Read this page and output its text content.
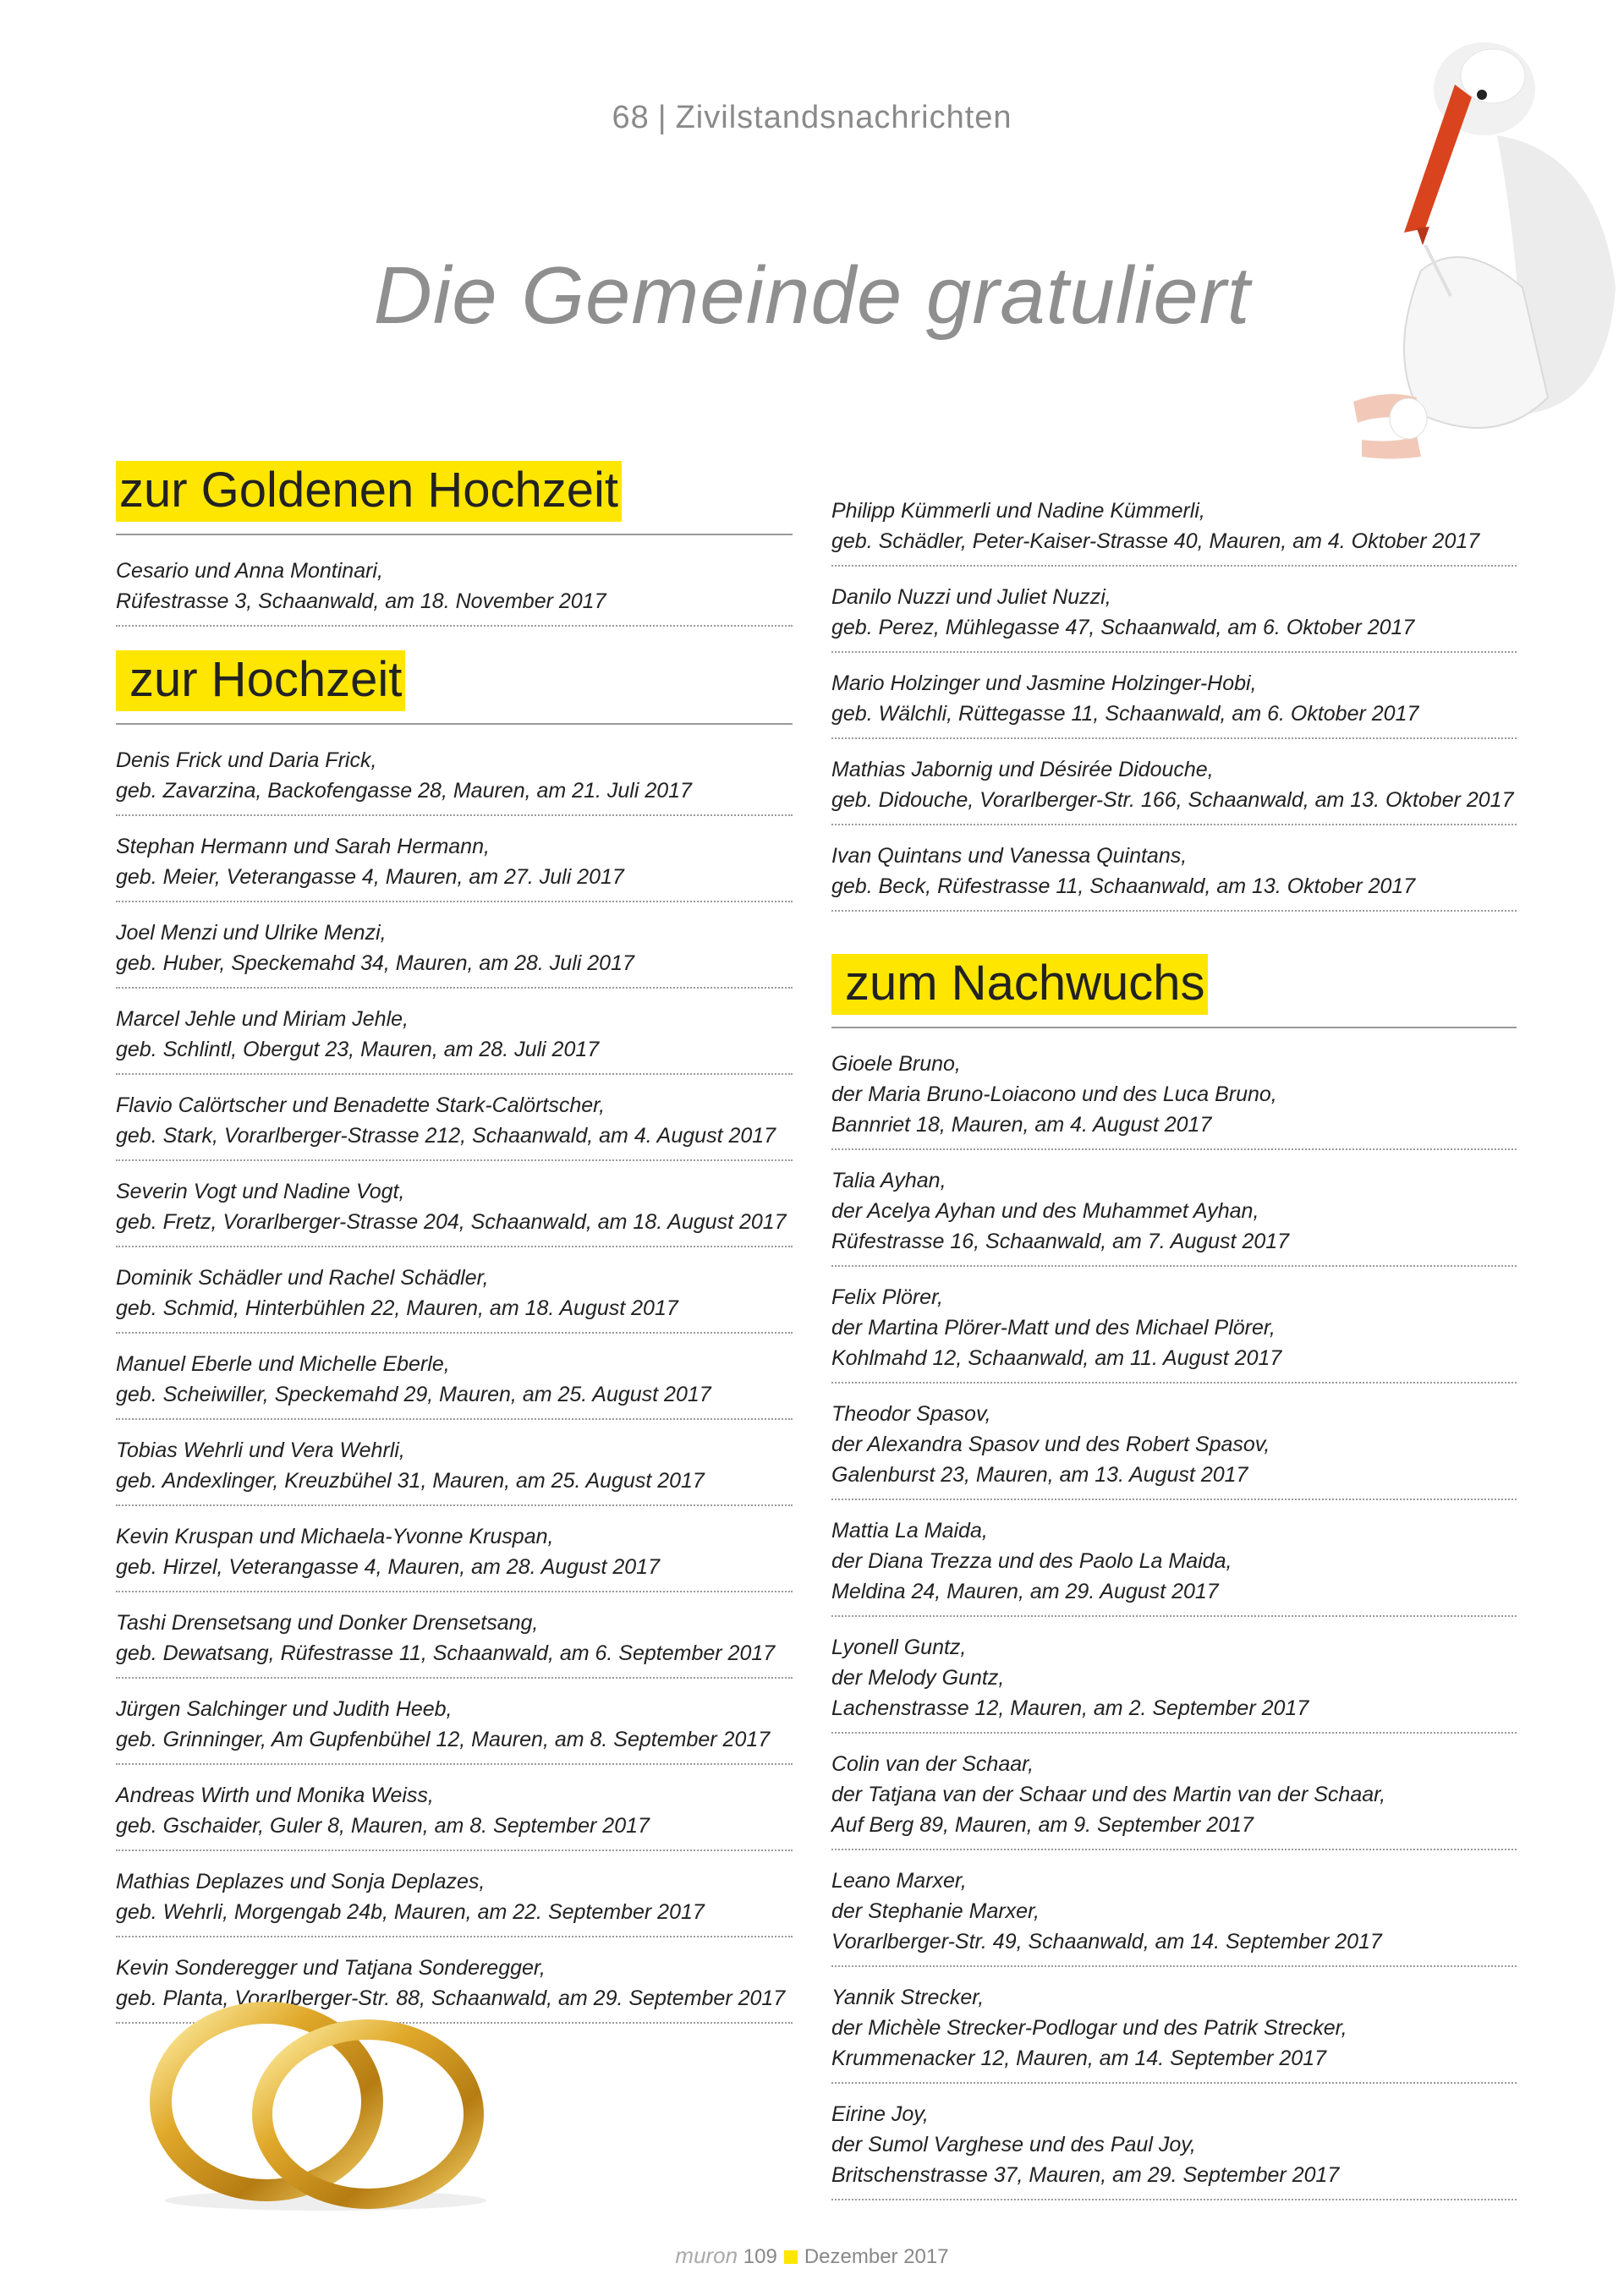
68 | Zivilstandsnachrichten
Die Gemeinde gratuliert
zur Goldenen Hochzeit
Cesario und Anna Montinari,
Rüfestrasse 3, Schaanwald, am 18. November 2017
zur Hochzeit
Denis Frick und Daria Frick,
geb. Zavarzina, Backofengasse 28, Mauren, am 21. Juli 2017
Stephan Hermann und Sarah Hermann,
geb. Meier, Veterangasse 4, Mauren, am 27. Juli 2017
Joel Menzi und Ulrike Menzi,
geb. Huber, Speckemahd 34, Mauren, am 28. Juli 2017
Marcel Jehle und Miriam Jehle,
geb. Schlintl, Obergut 23, Mauren, am 28. Juli 2017
Flavio Calörtscher und Benadette Stark-Calörtscher,
geb. Stark, Vorarlberger-Strasse 212, Schaanwald, am 4. August 2017
Severin Vogt und Nadine Vogt,
geb. Fretz, Vorarlberger-Strasse 204, Schaanwald, am 18. August 2017
Dominik Schädler und Rachel Schädler,
geb. Schmid, Hinterbühlen 22, Mauren, am 18. August 2017
Manuel Eberle und Michelle Eberle,
geb. Scheiwiller, Speckemahd 29, Mauren, am 25. August 2017
Tobias Wehrli und Vera Wehrli,
geb. Andexlinger, Kreuzbühel 31, Mauren, am 25. August 2017
Kevin Kruspan und Michaela-Yvonne Kruspan,
geb. Hirzel, Veterangasse 4, Mauren, am 28. August 2017
Tashi Drensetsang und Donker Drensetsang,
geb. Dewatsang, Rüfestrasse 11, Schaanwald, am 6. September 2017
Jürgen Salchinger und Judith Heeb,
geb. Grinninger, Am Gupfenbühel 12, Mauren, am 8. September 2017
Andreas Wirth und Monika Weiss,
geb. Gschaider, Guler 8, Mauren, am 8. September 2017
Mathias Deplazes und Sonja Deplazes,
geb. Wehrli, Morgengab 24b, Mauren, am 22. September 2017
Kevin Sonderegger und Tatjana Sonderegger,
geb. Planta, Vorarlberger-Str. 88, Schaanwald, am 29. September 2017
Philipp Kümmerli und Nadine Kümmerli,
geb. Schädler, Peter-Kaiser-Strasse 40, Mauren, am 4. Oktober 2017
Danilo Nuzzi und Juliet Nuzzi,
geb. Perez, Mühlegasse 47, Schaanwald, am 6. Oktober 2017
Mario Holzinger und Jasmine Holzinger-Hobi,
geb. Wälchli, Rüttegasse 11, Schaanwald, am 6. Oktober 2017
Mathias Jabornig und Désirée Didouche,
geb. Didouche, Vorarlberger-Str. 166, Schaanwald, am 13. Oktober 2017
Ivan Quintans und Vanessa Quintans,
geb. Beck, Rüfestrasse 11, Schaanwald, am 13. Oktober 2017
zum Nachwuchs
Gioele Bruno,
der Maria Bruno-Loiacono und des Luca Bruno,
Bannriet 18, Mauren, am 4. August 2017
Talia Ayhan,
der Acelya Ayhan und des Muhammet Ayhan,
Rüfestrasse 16, Schaanwald, am 7. August 2017
Felix Plörer,
der Martina Plörer-Matt und des Michael Plörer,
Kohlmahd 12, Schaanwald, am 11. August 2017
Theodor Spasov,
der Alexandra Spasov und des Robert Spasov,
Galenburst 23, Mauren, am 13. August 2017
Mattia La Maida,
der Diana Trezza und des Paolo La Maida,
Meldina 24, Mauren, am 29. August 2017
Lyonell Guntz,
der Melody Guntz,
Lachenstrasse 12, Mauren, am 2. September 2017
Colin van der Schaar,
der Tatjana van der Schaar und des Martin van der Schaar,
Auf Berg 89, Mauren, am 9. September 2017
Leano Marxer,
der Stephanie Marxer,
Vorarlberger-Str. 49, Schaanwald, am 14. September 2017
Yannik Strecker,
der Michèle Strecker-Podlogar und des Patrik Strecker,
Krummenacker 12, Mauren, am 14. September 2017
Eirine Joy,
der Sumol Varghese und des Paul Joy,
Britschenstrasse 37, Mauren, am 29. September 2017
muron 109 Dezember 2017
